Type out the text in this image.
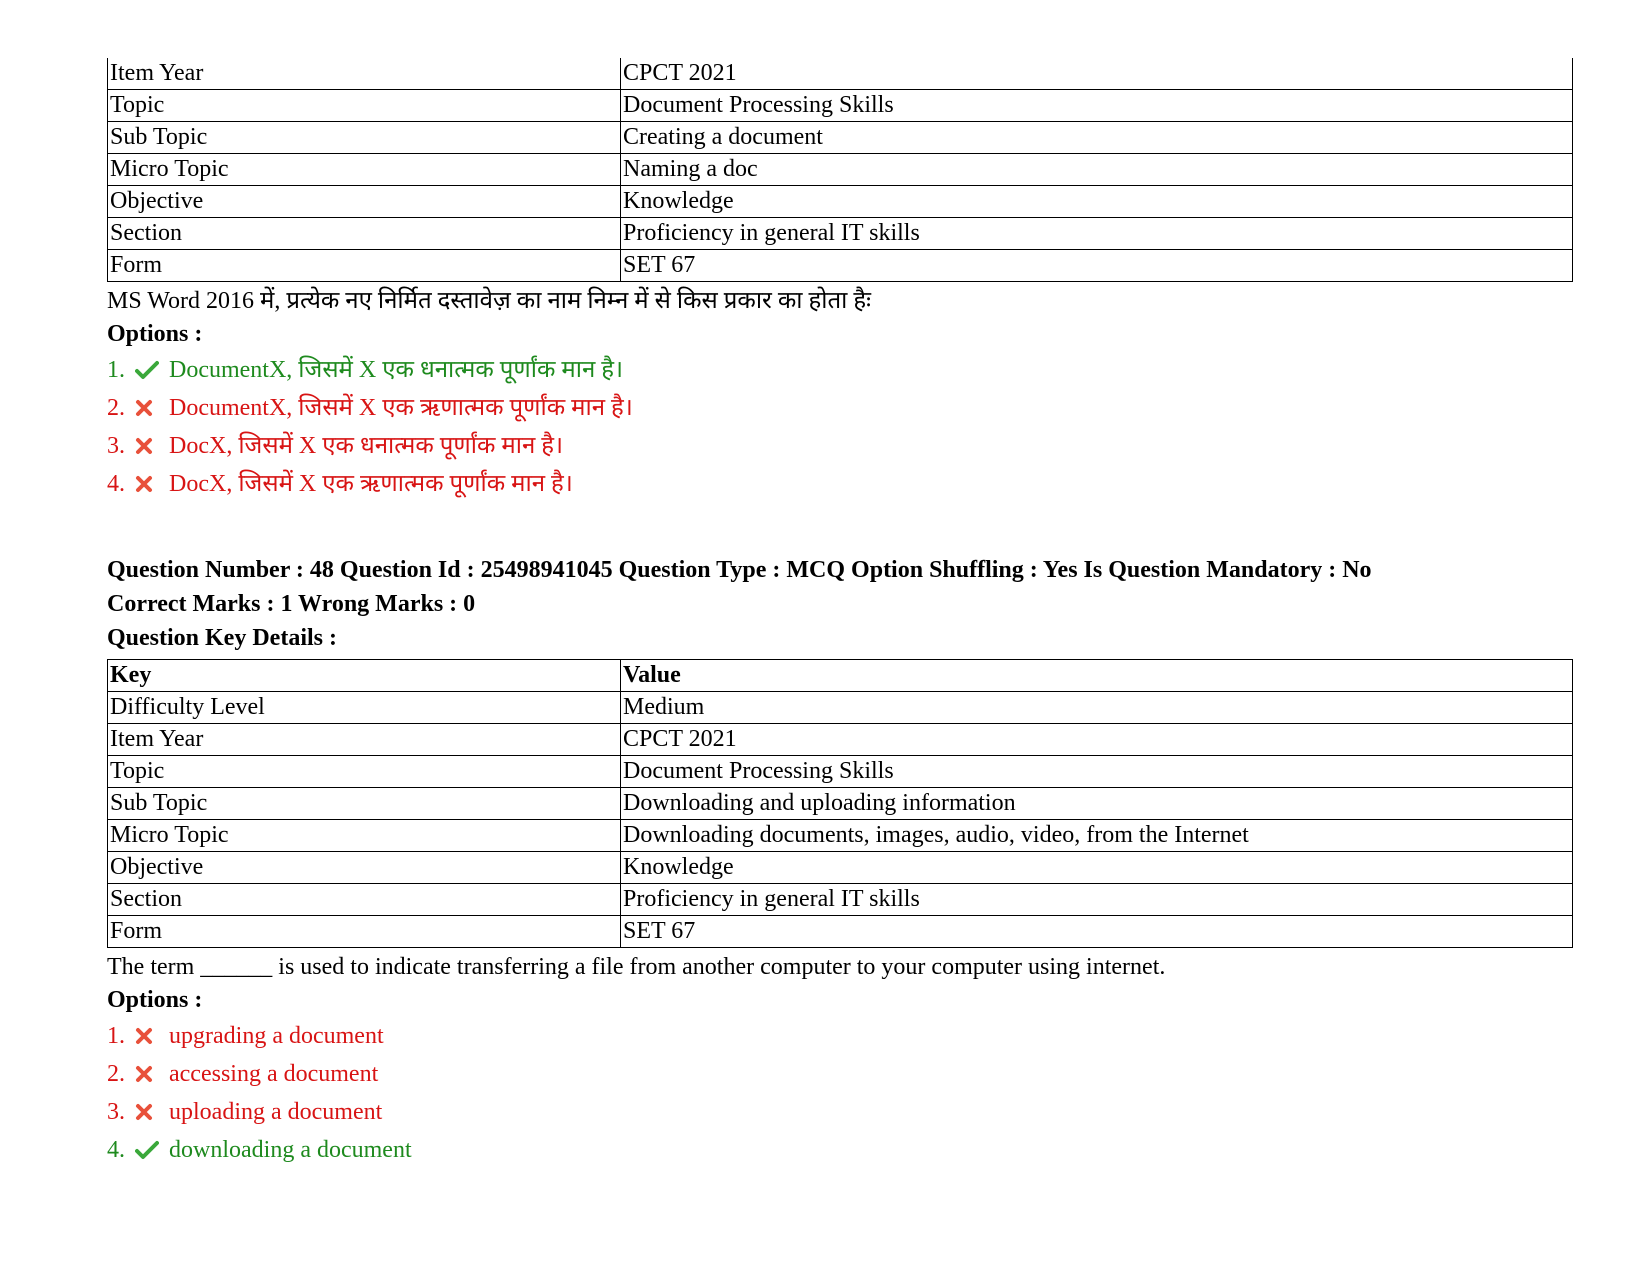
Item Year	CPCT 2021
Topic	Document Processing Skills
Sub Topic	Creating a document
Micro Topic	Naming a doc
Objective	Knowledge
Section	Proficiency in general IT skills
Form	SET 67
MS Word 2016 में, प्रत्येक नए निर्मित दस्तावेज़ का नाम निम्न में से किस प्रकार का होता हैः
Options :
1.	DocumentX, जिसमें X एक धनात्मक पूर्णांक मान है।
2.	DocumentX, जिसमें X एक ऋणात्मक पूर्णांक मान है।
3.	DocX, जिसमें X एक धनात्मक पूर्णांक मान है।
4.	DocX, जिसमें X एक ऋणात्मक पूर्णांक मान है।
Question Number : 48 Question Id : 25498941045 Question Type : MCQ Option Shuffling : Yes Is Question Mandatory : No
Correct Marks : 1 Wrong Marks : 0
Question Key Details :
Key	Value
Difficulty Level	Medium
Item Year	CPCT 2021
Topic	Document Processing Skills
Sub Topic	Downloading and uploading information
Micro Topic	Downloading documents, images, audio, video, from the Internet
Objective	Knowledge
Section	Proficiency in general IT skills
Form	SET 67
The term ______ is used to indicate transferring a file from another computer to your computer using internet.
Options :
1.	upgrading a document
2.	accessing a document
3.	uploading a document
4.	downloading a document
